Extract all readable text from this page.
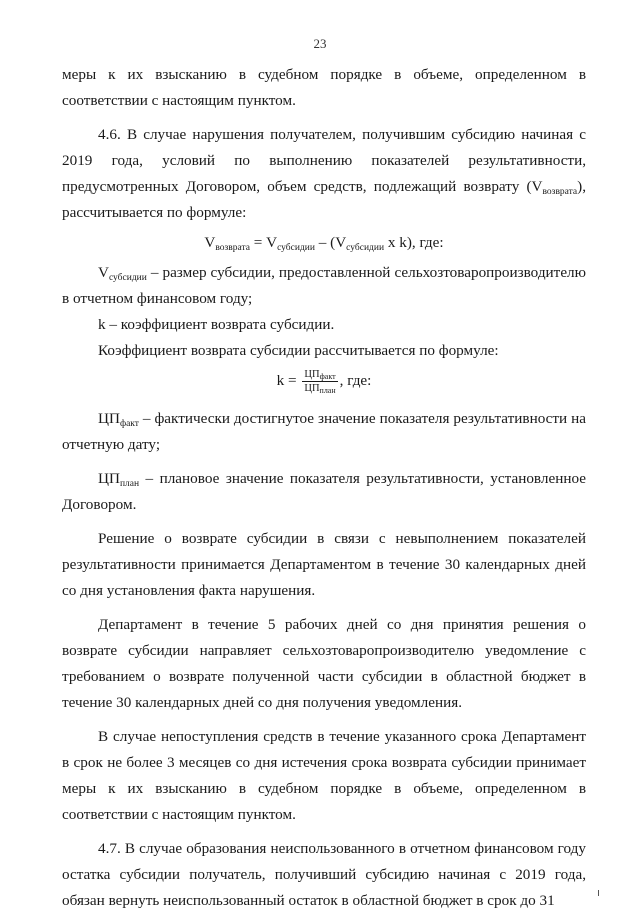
23

меры к их взысканию в судебном порядке в объеме, определенном в соответствии с настоящим пунктом.

4.6. В случае нарушения получателем, получившим субсидию начиная с 2019 года, условий по выполнению показателей результативности, предусмотренных Договором, объем средств, подлежащий возврату $(V_{возврата})$, рассчитывается по формуле:

$V_{возврата} = V_{субсидии} - (V_{субсидии}$ x k), где:

$V_{субсидии}$ – размер субсидии, предоставленной сельхозтоваропроизводителю в отчетном финансовом году;

k – коэффициент возврата субсидии.

Коэффициент возврата субсидии рассчитывается по формуле:

$k = \frac{ЦП_{факт}}{ЦП_{план}}$ , где:

$ЦП_{факт}$ – фактически достигнутое значение показателя результативности на отчетную дату;

$ЦП_{план}$ – плановое значение показателя результативности, установленное Договором.

Решение о возврате субсидии в связи с невыполнением показателей результативности принимается Департаментом в течение 30 календарных дней со дня установления факта нарушения.

Департамент в течение 5 рабочих дней со дня принятия решения о возврате субсидии направляет сельхозтоваропроизводителю уведомление с требованием о возврате полученной части субсидии в областной бюджет в течение 30 календарных дней со дня получения уведомления.

В случае непоступления средств в течение указанного срока Департамент в срок не более 3 месяцев со дня истечения срока возврата субсидии принимает меры к их взысканию в судебном порядке в объеме, определенном в соответствии с настоящим пунктом.

4.7. В случае образования неиспользованного в отчетном финансовом году остатка субсидии получатель, получивший субсидию начиная с 2019 года, обязан вернуть неиспользованный остаток в областной бюджет в срок до 31
